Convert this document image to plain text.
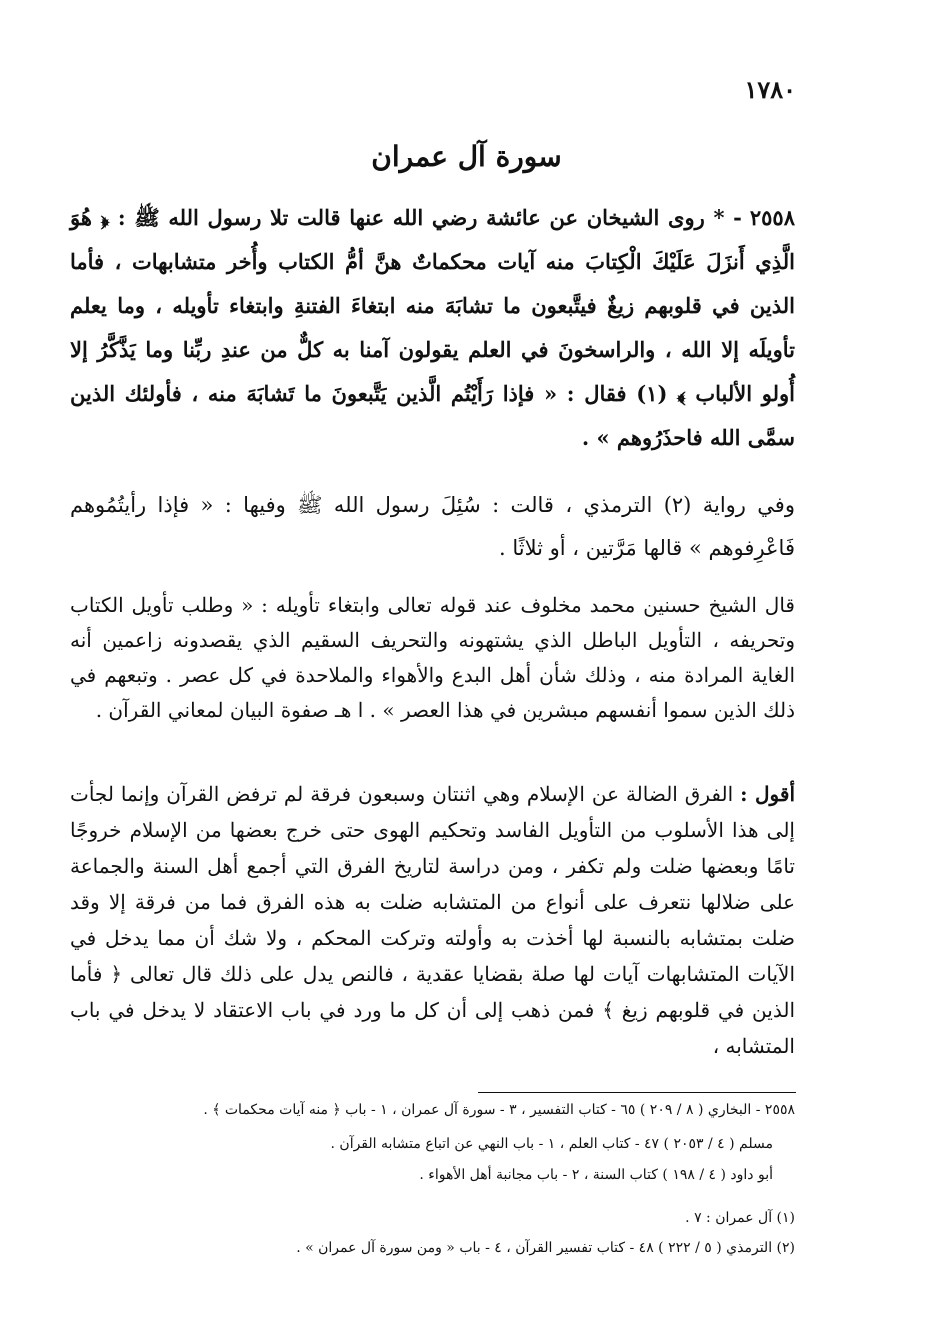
١٧٨٠
سورة آل عمران
٢٥٥٨ - * روى الشيخان عن عائشة رضي الله عنها قالت تلا رسول الله ﷺ : ﴿ هُوَ الَّذِي أَنزَلَ عَلَيْكَ الْكِتابَ منه آيات محكماتٌ هنَّ أمُّ الكتاب وأُخر متشابهات ، فأما الذين في قلوبهم زيغٌ فيتَّبعون ما تشابَهَ منه ابتغاءَ الفتنةِ وابتغاء تأويله ، وما يعلم تأويلَه إلا الله ، والراسخونَ في العلم يقولون آمنا به كلٌّ من عندِ ربِّنا وما يَذَّكَّرُ إلا أُولو الألباب ﴾ (١) فقال : « فإذا رَأَيْتُم الَّذين يَتَّبعونَ ما تَشابَهَ منه ، فأولئك الذين سمَّى الله فاحذَرُوهم » .
وفي رواية (٢) الترمذي ، قالت : سُئِلَ رسول الله ﷺ وفيها : « فإذا رأيتُمُوهم فَاعْرِفوهم » قالها مَرَّتين ، أو ثلاثًا .
قال الشيخ حسنين محمد مخلوف عند قوله تعالى وابتغاء تأويله : « وطلب تأويل الكتاب وتحريفه ، التأويل الباطل الذي يشتهونه والتحريف السقيم الذي يقصدونه زاعمين أنه الغاية المرادة منه ، وذلك شأن أهل البدع والأهواء والملاحدة في كل عصر . وتبعهم في ذلك الذين سموا أنفسهم مبشرين في هذا العصر » . ا هـ صفوة البيان لمعاني القرآن .
أقول : الفرق الضالة عن الإسلام وهي اثنتان وسبعون فرقة لم ترفض القرآن وإنما لجأت إلى هذا الأسلوب من التأويل الفاسد وتحكيم الهوى حتى خرج بعضها من الإسلام خروجًا تامًا وبعضها ضلت ولم تكفر ، ومن دراسة لتاريخ الفرق التي أجمع أهل السنة والجماعة على ضلالها نتعرف على أنواع من المتشابه ضلت به هذه الفرق فما من فرقة إلا وقد ضلت بمتشابه بالنسبة لها أخذت به وأولته وتركت المحكم ، ولا شك أن مما يدخل في الآيات المتشابهات آيات لها صلة بقضايا عقدية ، فالنص يدل على ذلك قال تعالى ﴿ فأما الذين في قلوبهم زيغ ﴾ فمن ذهب إلى أن كل ما ورد في باب الاعتقاد لا يدخل في باب المتشابه ،
٢٥٥٨ - البخاري ( ٨ / ٢٠٩ ) ٦٥ - كتاب التفسير ، ٣ - سورة آل عمران ، ١ - باب ﴿ منه آيات محكمات ﴾ .
مسلم ( ٤ / ٢٠٥٣ ) ٤٧ - كتاب العلم ، ١ - باب النهي عن اتباع متشابه القرآن .
أبو داود ( ٤ / ١٩٨ ) كتاب السنة ، ٢ - باب مجانبة أهل الأهواء .
(١) آل عمران : ٧ .
(٢) الترمذي ( ٥ / ٢٢٢ ) ٤٨ - كتاب تفسير القرآن ، ٤ - باب « ومن سورة آل عمران » .
